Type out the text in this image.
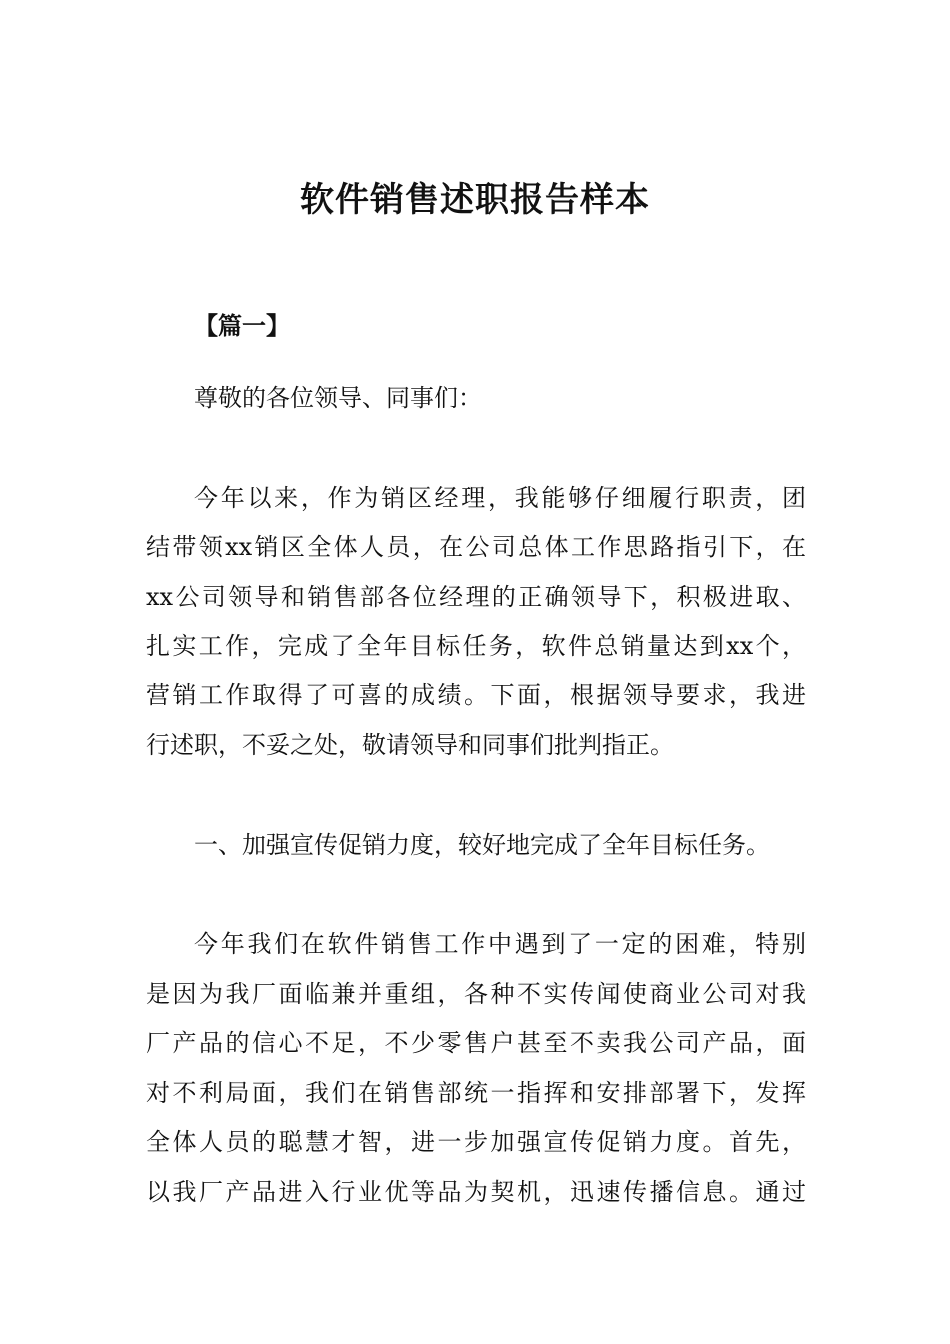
软件销售述职报告样本
【篇一】
尊敬的各位领导、同事们：
今年以来，作为销区经理，我能够仔细履行职责，团
结带领xx销区全体人员，在公司总体工作思路指引下，在
xx公司领导和销售部各位经理的正确领导下，积极进取、
扎实工作，完成了全年目标任务，软件总销量达到xx个，
营销工作取得了可喜的成绩。下面，根据领导要求，我进
行述职，不妥之处，敬请领导和同事们批判指正。
一、加强宣传促销力度，较好地完成了全年目标任务。
今年我们在软件销售工作中遇到了一定的困难，特别
是因为我厂面临兼并重组，各种不实传闻使商业公司对我
厂产品的信心不足，不少零售户甚至不卖我公司产品，面
对不利局面，我们在销售部统一指挥和安排部署下，发挥
全体人员的聪慧才智，进一步加强宣传促销力度。首先，
以我厂产品进入行业优等品为契机，迅速传播信息。通过
